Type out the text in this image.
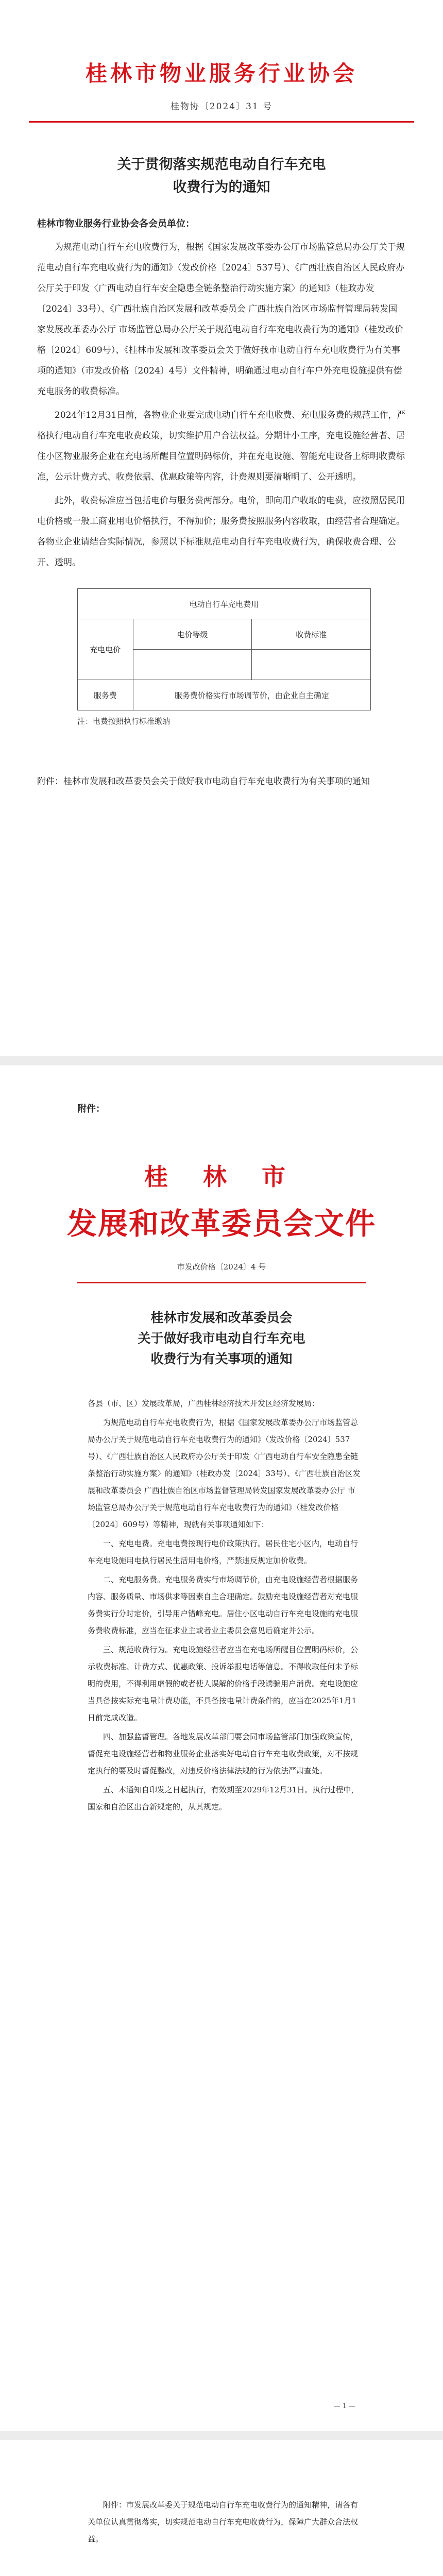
桂林市物业服务行业协会
桂物协〔2024〕31 号
关于贯彻落实规范电动自行车充电
收费行为的通知
桂林市物业服务行业协会各会员单位：

为规范电动自行车充电收费行为，根据《国家发展改革委办公厅市场监管总局办公厅关于规范电动自行车充电收费行为的通知》（发改价格〔2024〕537号）、《广西壮族自治区人民政府办公厅关于印发〈广西电动自行车安全隐患全链条整治行动实施方案〉的通知》（桂政办发〔2024〕33号）、《广西壮族自治区发展和改革委员会 广西壮族自治区市场监督管理局转发国家发展改革委办公厅 市场监管总局办公厅关于规范电动自行车充电收费行为的通知》（桂发改价格〔2024〕609号）、《桂林市发展和改革委员会关于做好我市电动自行车充电收费行为有关事项的通知》（市发改价格〔2024〕4号）文件精神，明确通过电动自行车户外充电设施提供有偿充电服务的收费标准。

2024年12月31日前，各物业企业要完成电动自行车充电收费、充电服务费的规范工作，严格执行电动自行车充电收费政策，切实维护用户合法权益。分期计小工序，充电设施经营者、居住小区物业服务企业在充电场所醒目位置明码标价，并在充电设施、智能充电设备上标明收费标准，公示计费方式、收费依据、优惠政策等内容，计费规则要清晰明了、公开透明。

此外，收费标准应当包括电价与服务费两部分。电价，即向用户收取的电费，应按照居民用电价格或一般工商业用电价格执行，不得加价；服务费按照服务内容收取，由经营者合理确定。各物业企业请结合实际情况，参照以下标准规范电动自行车充电收费行为，确保收费合理、公开、透明。

电动自行车充电费用		
充电电价	电价等级	收费标准

服务费	服务费价格实行市场调节价，由企业自主确定	
注：电费按照执行标准缴纳
附件：桂林市发展和改革委员会关于做好我市电动自行车充电收费行为有关事项的通知
附件：
桂 林 市
发展和改革委员会文件
市发改价格〔2024〕4 号
桂林市发展和改革委员会
关于做好我市电动自行车充电
收费行为有关事项的通知

各县（市、区）发展改革局，广西桂林经济技术开发区经济发展局：

为规范电动自行车充电收费行为，根据《国家发展改革委办公厅市场监管总局办公厅关于规范电动自行车充电收费行为的通知》（发改价格〔2024〕537号）、《广西壮族自治区人民政府办公厅关于印发〈广西电动自行车安全隐患全链条整治行动实施方案〉的通知》（桂政办发〔2024〕33号）、《广西壮族自治区发展和改革委员会 广西壮族自治区市场监督管理局转发国家发展改革委办公厅 市场监管总局办公厅关于规范电动自行车充电收费行为的通知》（桂发改价格〔2024〕609号）等精神，现就有关事项通知如下：

一、充电电费。充电电费按现行电价政策执行。居民住宅小区内，电动自行车充电设施用电执行居民生活用电价格，严禁违反规定加价收费。

二、充电服务费。充电服务费实行市场调节价，由充电设施经营者根据服务内容、服务质量、市场供求等因素自主合理确定。鼓励充电设施经营者对充电服务费实行分时定价，引导用户错峰充电。居住小区电动自行车充电设施的充电服务费收费标准，应当在征求业主或者业主委员会意见后确定并公示。

三、规范收费行为。充电设施经营者应当在充电场所醒目位置明码标价，公示收费标准、计费方式、优惠政策、投诉举报电话等信息。不得收取任何未予标明的费用，不得利用虚假的或者使人误解的价格手段诱骗用户消费。充电设施应当具备按实际充电量计费功能，不具备按电量计费条件的，应当在2025年1月1日前完成改造。

四、加强监督管理。各地发展改革部门要会同市场监管部门加强政策宣传，督促充电设施经营者和物业服务企业落实好电动自行车充电收费政策，对不按规定执行的要及时督促整改，对违反价格法律法规的行为依法严肃查处。

五、本通知自印发之日起执行，有效期至2029年12月31日。执行过程中，国家和自治区出台新规定的，从其规定。

— 1 —

附件：市发展改革委关于规范电动自行车充电收费行为的通知精神，请各有关单位认真贯彻落实，切实规范电动自行车充电收费行为，保障广大群众合法权益。
